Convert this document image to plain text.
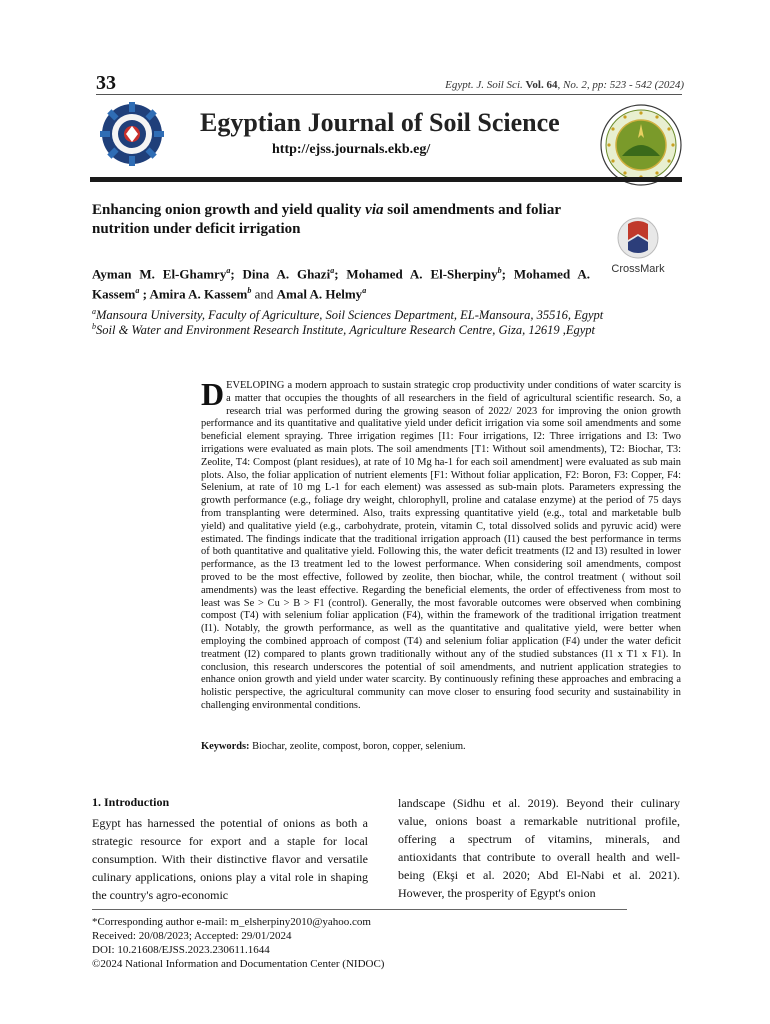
33	Egypt. J. Soil Sci. Vol. 64, No. 2, pp: 523 - 542 (2024)
Egyptian Journal of Soil Science
http://ejss.journals.ekb.eg/
Enhancing onion growth and yield quality via soil amendments and foliar nutrition under deficit irrigation
CrossMark
Ayman M. El-Ghamry$^a$; Dina A. Ghazi$^a$; Mohamed A. El-Sherpiny$^b$; Mohamed A. Kassem$^a$ ; Amira A. Kassem$^b$ and Amal A. Helmy$^a$
$^a$Mansoura University, Faculty of Agriculture, Soil Sciences Department, EL-Mansoura, 35516, Egypt
$^b$Soil & Water and Environment Research Institute, Agriculture Research Centre, Giza, 12619 ,Egypt
DEVELOPING a modern approach to sustain strategic crop productivity under conditions of water scarcity is a matter that occupies the thoughts of all researchers in the field of agricultural scientific research. So, a research trial was performed during the growing season of 2022/ 2023 for improving the onion growth performance and its quantitative and qualitative yield under deficit irrigation via some soil amendments and some beneficial element spraying. Three irrigation regimes [I1: Four irrigations, I2: Three irrigations and I3: Two irrigations were evaluated as main plots. The soil amendments [T1: Without soil amendments), T2: Biochar, T3: Zeolite, T4: Compost (plant residues), at rate of 10 Mg ha-1 for each soil amendment] were evaluated as sub main plots. Also, the foliar application of nutrient elements [F1: Without foliar application, F2: Boron, F3: Copper, F4: Selenium, at rate of 10 mg L-1 for each element) was assessed as sub-main plots. Parameters expressing the growth performance (e.g., foliage dry weight, chlorophyll, proline and catalase enzyme) at the period of 75 days from transplanting were determined. Also, traits expressing quantitative yield (e.g., total and marketable bulb yield) and qualitative yield (e.g., carbohydrate, protein, vitamin C, total dissolved solids and pyruvic acid) were estimated. The findings indicate that the traditional irrigation approach (I1) caused the best performance in terms of both quantitative and qualitative yield. Following this, the water deficit treatments (I2 and I3) resulted in lower performance, as the I3 treatment led to the lowest performance. When considering soil amendments, compost proved to be the most effective, followed by zeolite, then biochar, while, the control treatment ( without soil amendments) was the least effective. Regarding the beneficial elements, the order of effectiveness from most to least was Se > Cu > B > F1 (control). Generally, the most favorable outcomes were observed when combining compost (T4) with selenium foliar application (F4), within the framework of the traditional irrigation treatment (I1). Notably, the growth performance, as well as the quantitative and qualitative yield, were better when employing the combined approach of compost (T4) and selenium foliar application (F4) under the water deficit treatment (I2) compared to plants grown traditionally without any of the studied substances (I1 x T1 x F1). In conclusion, this research underscores the potential of soil amendments, and nutrient application strategies to enhance onion growth and yield under water scarcity. By continuously refining these approaches and embracing a holistic perspective, the agricultural community can move closer to ensuring food security and sustainability in challenging environmental conditions.
Keywords: Biochar, zeolite, compost, boron, copper, selenium.
1. Introduction
Egypt has harnessed the potential of onions as both a strategic resource for export and a staple for local consumption. With their distinctive flavor and versatile culinary applications, onions play a vital role in shaping the country's agro-economic
landscape (Sidhu et al. 2019). Beyond their culinary value, onions boast a remarkable nutritional profile, offering a spectrum of vitamins, minerals, and antioxidants that contribute to overall health and well-being (Ekşi et al. 2020; Abd El-Nabi et al. 2021). However, the prosperity of Egypt's onion
*Corresponding author e-mail: m_elsherpiny2010@yahoo.com
Received: 20/08/2023; Accepted: 29/01/2024
DOI: 10.21608/EJSS.2023.230611.1644
©2024 National Information and Documentation Center (NIDOC)
